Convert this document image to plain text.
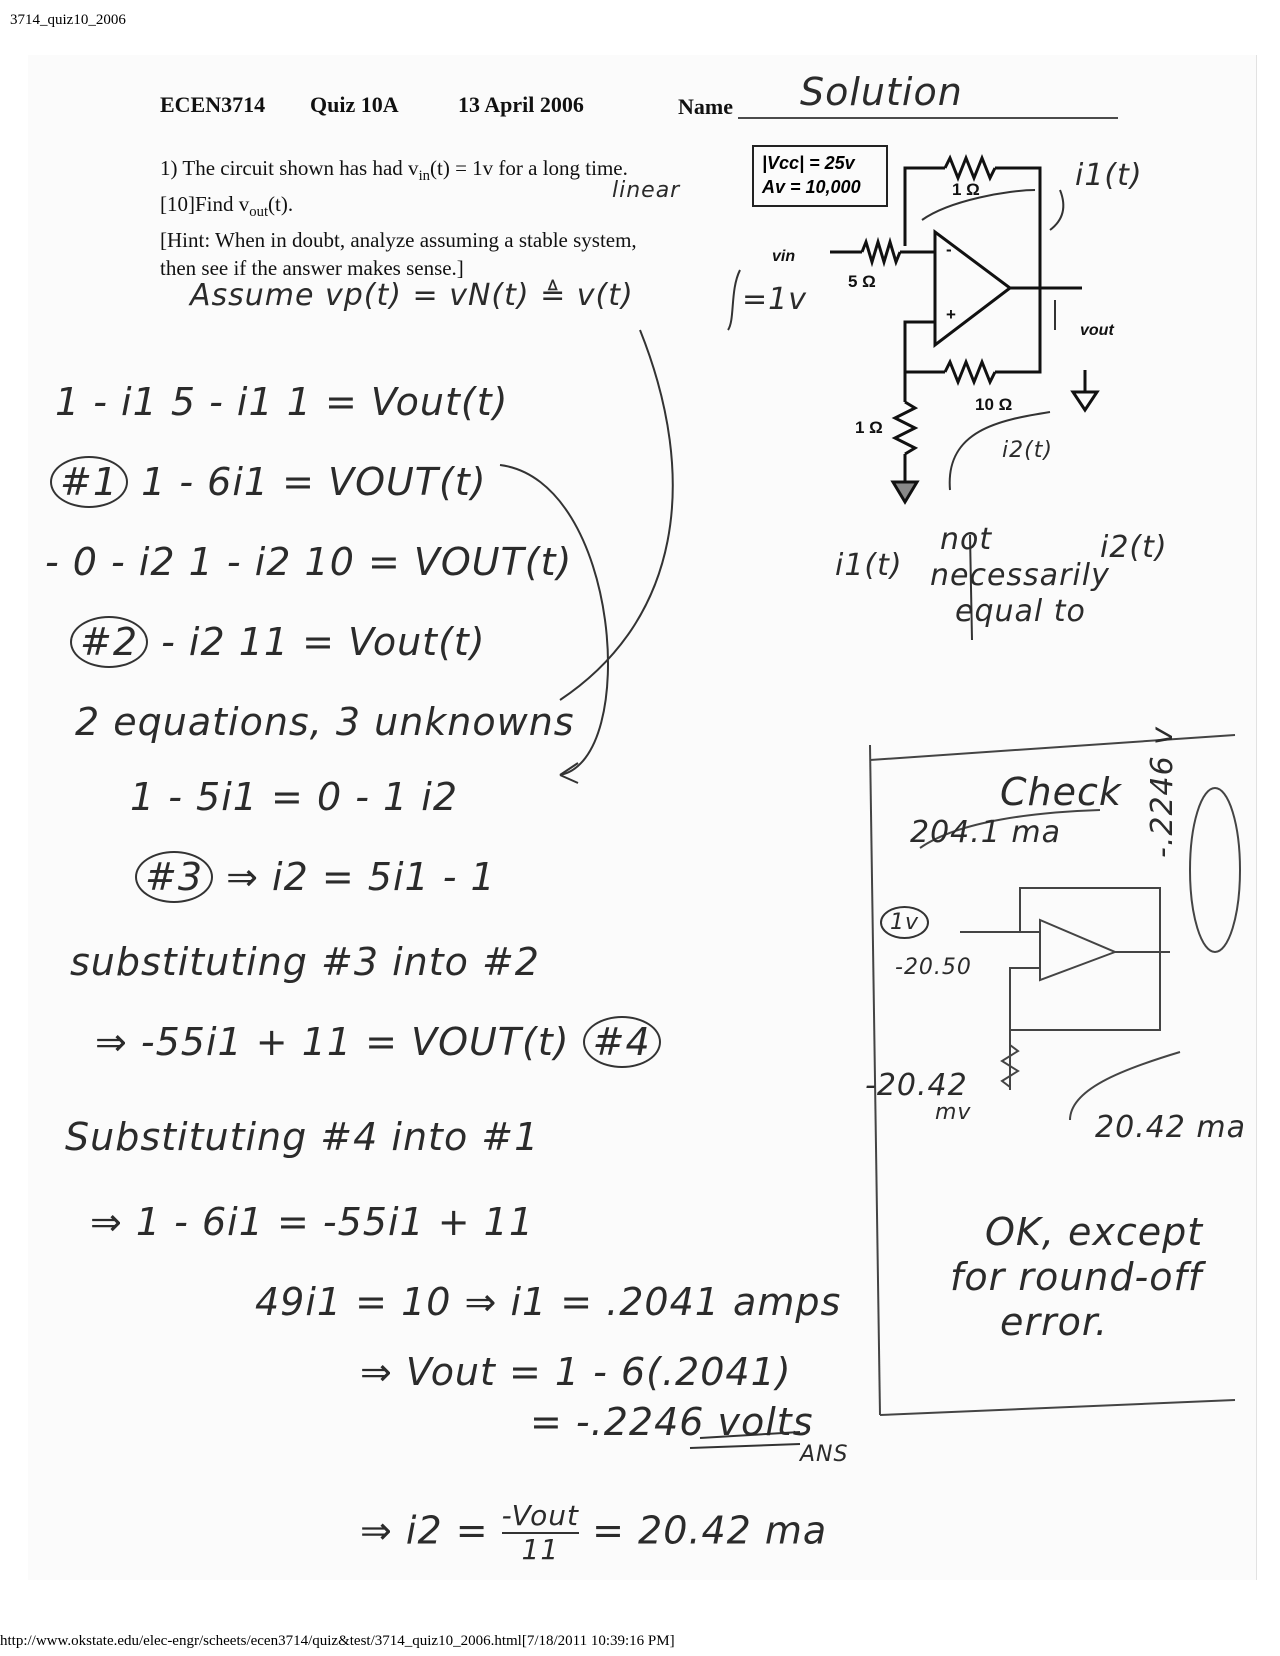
3714_quiz10_2006
ECEN3714 Quiz 10A	13 April 2006	Name Solution
1) The circuit shown has had $v_{in}(t) = 1v$ for a long time.
[10]Find $v_{out}(t)$.
[Hint: When in doubt, analyze assuming a stable system,
then see if the answer makes sense.]
linear
|Vcc| = 25v
Av = 10,000	1 Ω
5 Ω
10 Ω
1 Ω
vin
vout
-
+
i1(t)
i2(t)
=1v
i1(t)
not
necessarily
equal to
i2(t)
Assume vp(t) = vN(t) ≜ v(t)
1 - i1 5 - i1 1 = Vout(t)
#1 1 - 6i1 = VOUT(t)
- 0 - i2 1 - i2 10 = VOUT(t)
#2 - i2 11 = Vout(t)
2 equations, 3 unknowns
1 - 5i1 = 0 - 1 i2
#3 ⇒ i2 = 5i1 - 1
substituting #3 into #2
⇒ -55i1 + 11 = VOUT(t) #4
Substituting #4 into #1
⇒ 1 - 6i1 = -55i1 + 11
49i1 = 10 ⇒ i1 = .2041 amps
⇒ Vout = 1 - 6(.2041)
= -.2246 volts
ANS
⇒ i2 = -Vout
11 = 20.42 ma
Check
204.1 ma
1v
-20.50
-20.42
mv	20.42 ma
-.2246 v
OK, except
for round-off
error.
http://www.okstate.edu/elec-engr/scheets/ecen3714/quiz&test/3714_quiz10_2006.html[7/18/2011 10:39:16 PM]
